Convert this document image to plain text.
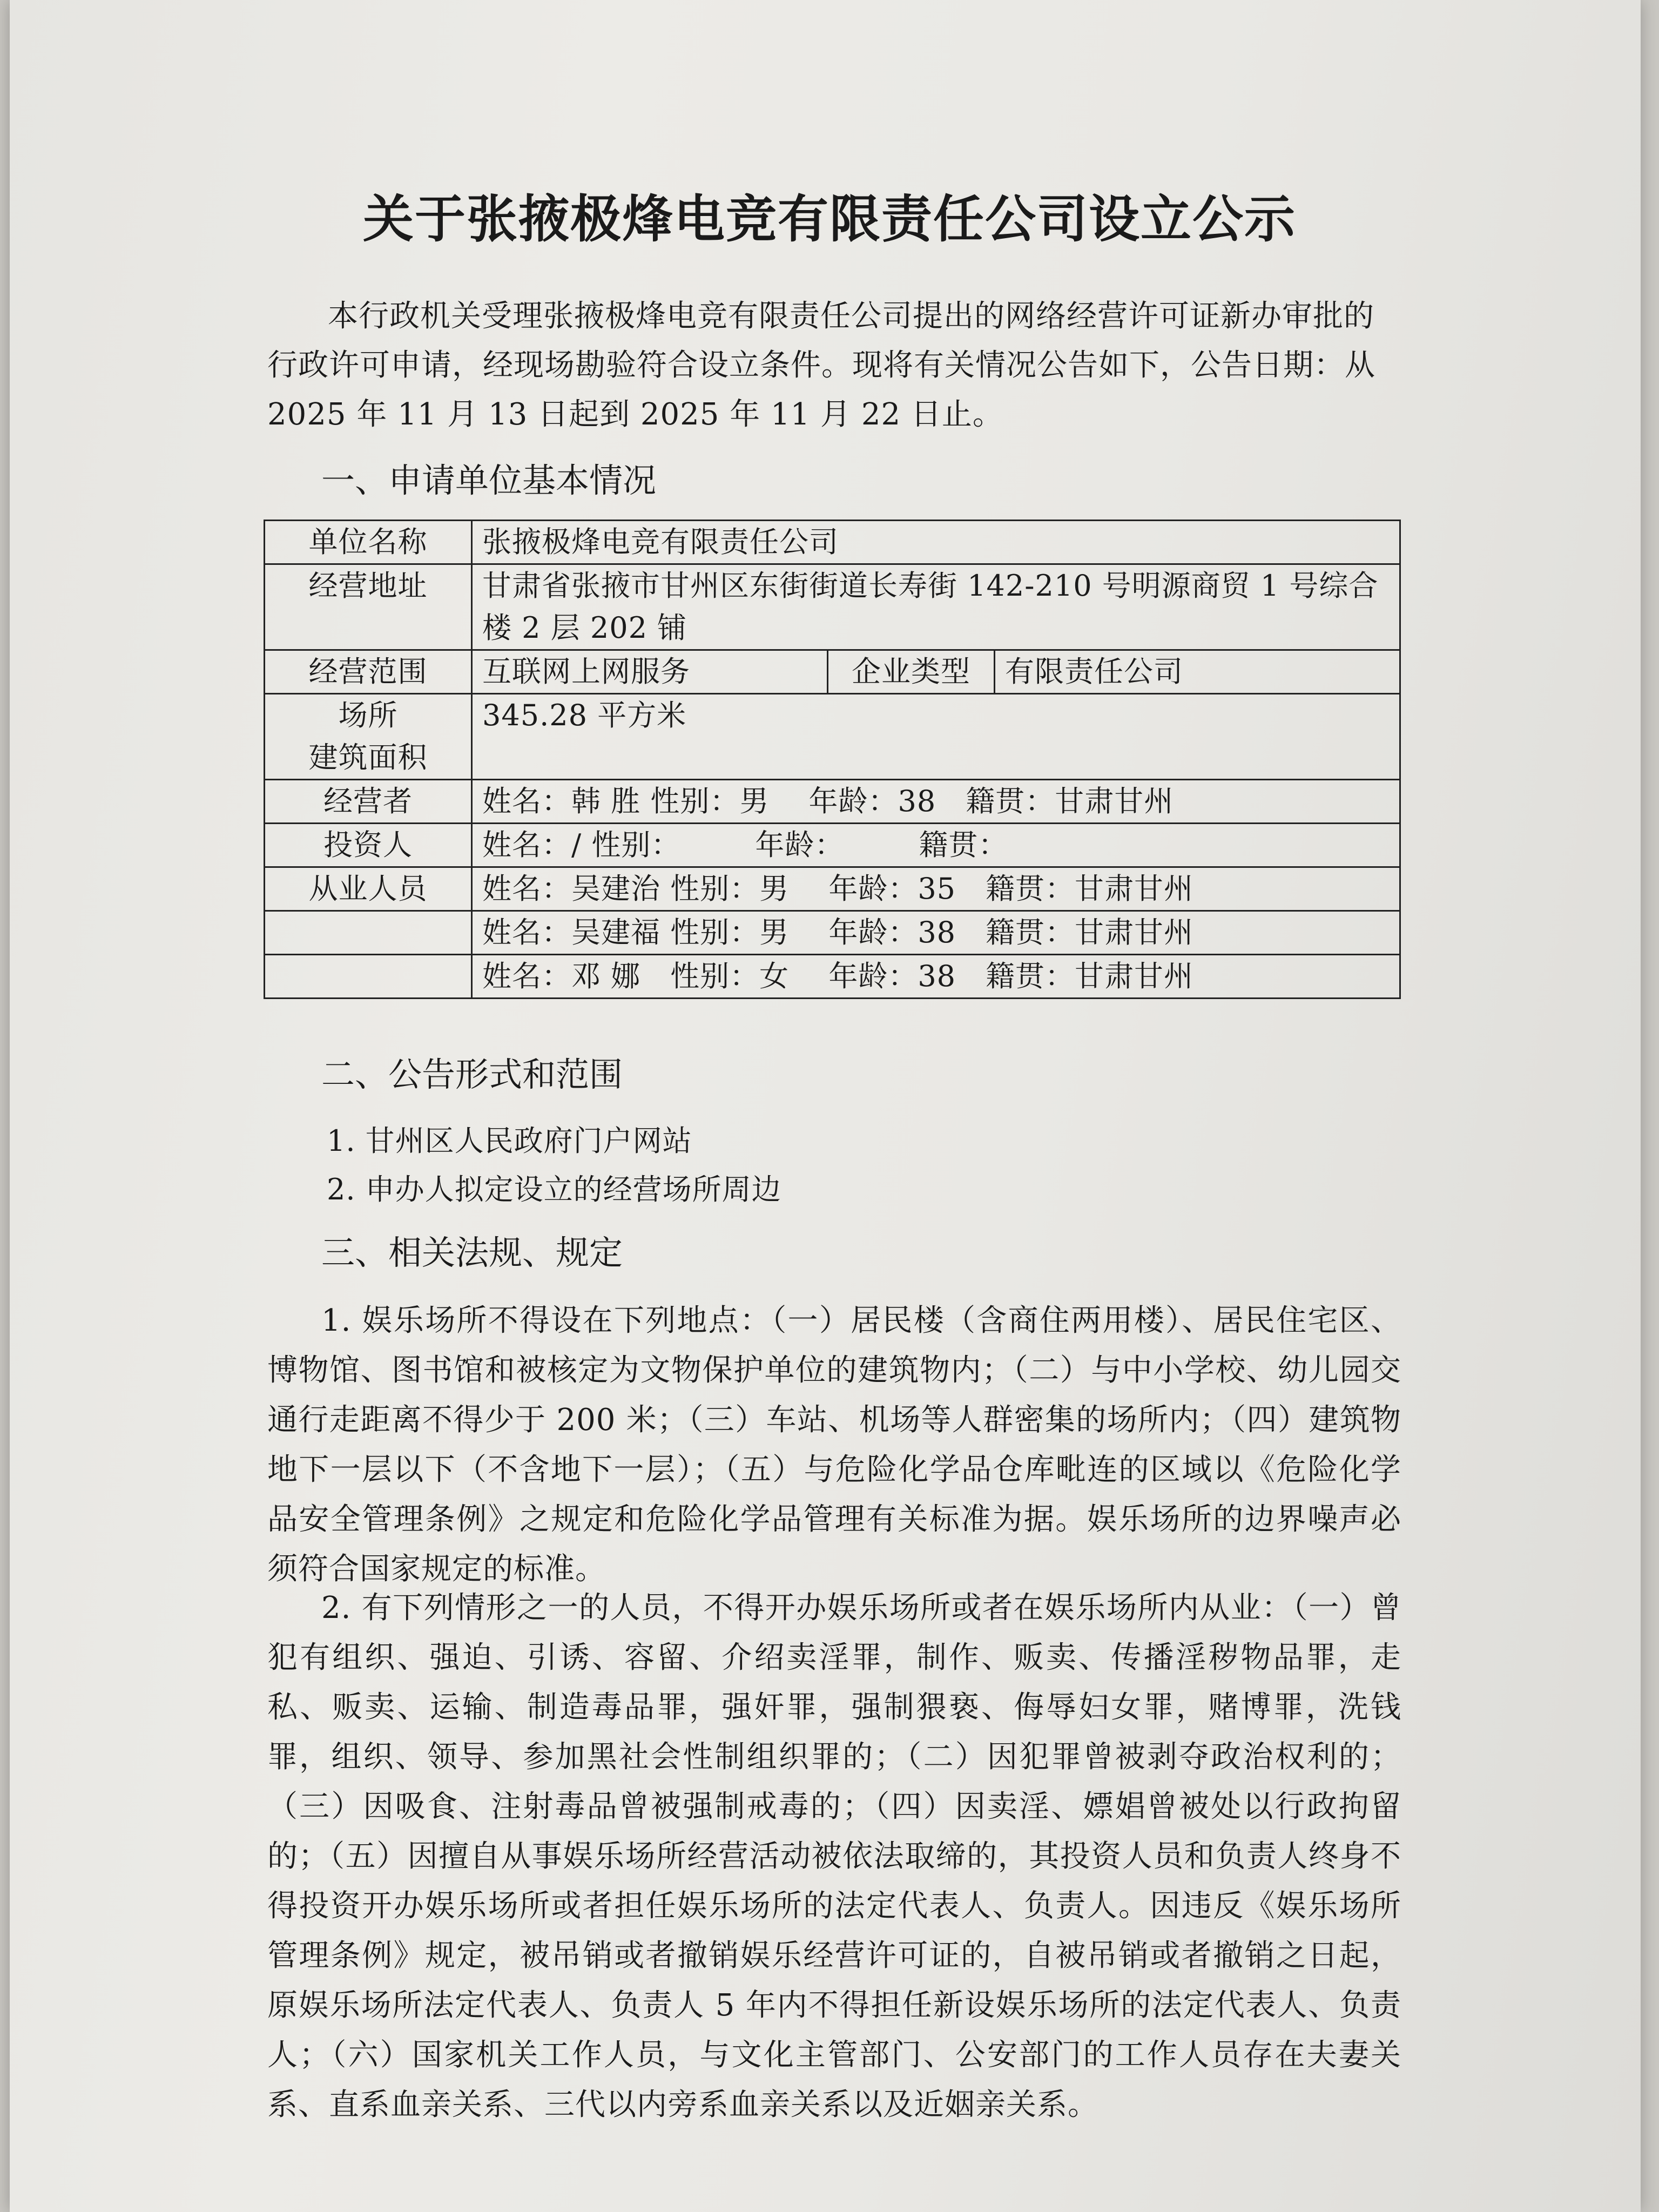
关于张掖极烽电竞有限责任公司设立公示

本行政机关受理张掖极烽电竞有限责任公司提出的网络经营许可证新办审批的行政许可申请，经现场勘验符合设立条件。现将有关情况公告如下，公告日期：从 2025 年 11 月 13 日起到 2025 年 11 月 22 日止。

一、申请单位基本情况
单位名称	张掖极烽电竞有限责任公司		
经营地址	甘肃省张掖市甘州区东街街道长寿街 142-210 号明源商贸 1 号综合楼 2 层 202 铺		
经营范围	互联网上网服务	企业类型	有限责任公司
场所
建筑面积	345.28 平方米		
经营者	姓名：韩 胜 性别：男　 年龄：38　籍贯：甘肃甘州		
投资人	姓名：/ 性别：　　　年龄：　　　籍贯：		
从业人员	姓名：吴建治 性别：男　 年龄：35　籍贯：甘肃甘州		
	姓名：吴建福 性别：男　 年龄：38　籍贯：甘肃甘州		
	姓名：邓 娜　性别：女　 年龄：38　籍贯：甘肃甘州		
二、公告形式和范围

1. 甘州区人民政府门户网站

2. 申办人拟定设立的经营场所周边

三、相关法规、规定

1. 娱乐场所不得设在下列地点：（一）居民楼（含商住两用楼）、居民住宅区、博物馆、图书馆和被核定为文物保护单位的建筑物内；（二）与中小学校、幼儿园交通行走距离不得少于 200 米；（三）车站、机场等人群密集的场所内；（四）建筑物地下一层以下（不含地下一层）；（五）与危险化学品仓库毗连的区域以《危险化学品安全管理条例》之规定和危险化学品管理有关标准为据。娱乐场所的边界噪声必须符合国家规定的标准。

2. 有下列情形之一的人员，不得开办娱乐场所或者在娱乐场所内从业：（一）曾犯有组织、强迫、引诱、容留、介绍卖淫罪，制作、贩卖、传播淫秽物品罪，走私、贩卖、运输、制造毒品罪，强奸罪，强制猥亵、侮辱妇女罪，赌博罪，洗钱罪，组织、领导、参加黑社会性制组织罪的；（二）因犯罪曾被剥夺政治权利的；（三）因吸食、注射毒品曾被强制戒毒的；（四）因卖淫、嫖娼曾被处以行政拘留的；（五）因擅自从事娱乐场所经营活动被依法取缔的，其投资人员和负责人终身不得投资开办娱乐场所或者担任娱乐场所的法定代表人、负责人。因违反《娱乐场所管理条例》规定，被吊销或者撤销娱乐经营许可证的，自被吊销或者撤销之日起，原娱乐场所法定代表人、负责人 5 年内不得担任新设娱乐场所的法定代表人、负责人；（六）国家机关工作人员，与文化主管部门、公安部门的工作人员存在夫妻关系、直系血亲关系、三代以内旁系血亲关系以及近姻亲关系。
